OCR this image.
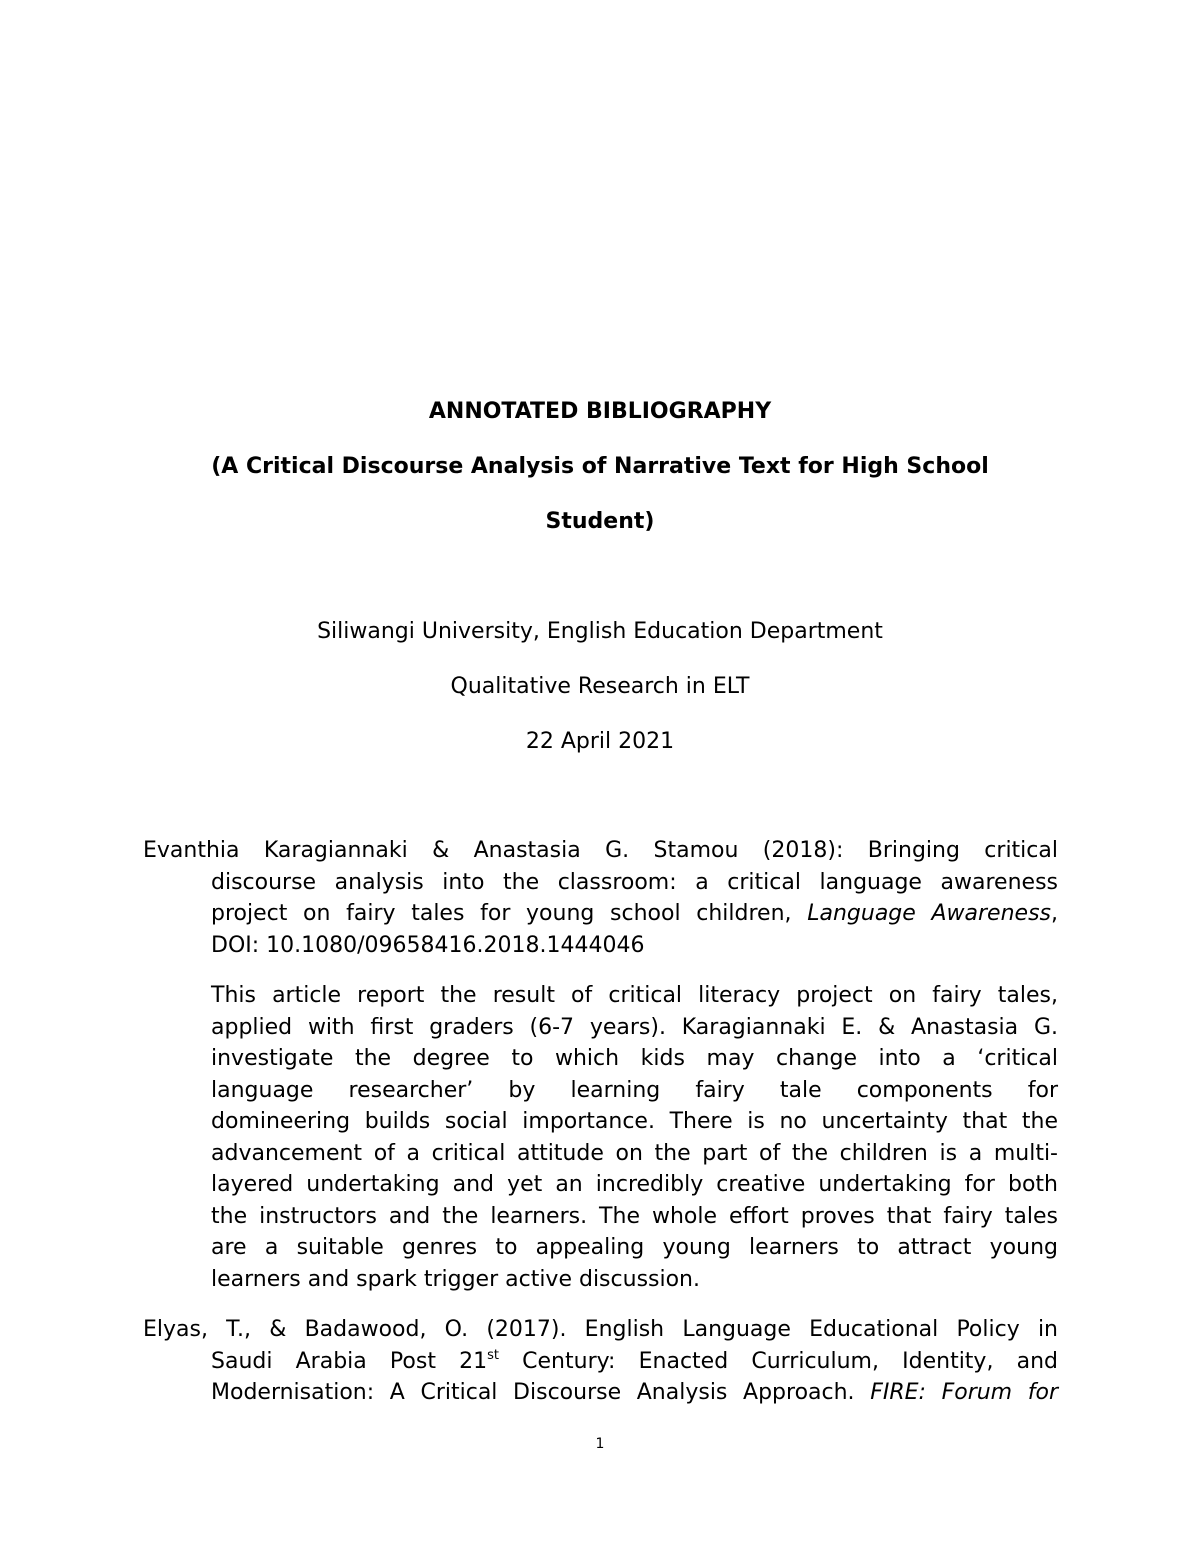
ANNOTATED BIBLIOGRAPHY

(A Critical Discourse Analysis of Narrative Text for High School

Student)

Siliwangi University, English Education Department

Qualitative Research in ELT

22 April 2021

Evanthia Karagiannaki & Anastasia G. Stamou (2018): Bringing critical
discourse analysis into the classroom: a critical language awareness
project on fairy tales for young school children, Language Awareness,
DOI: 10.1080/09658416.2018.1444046
This article report the result of critical literacy project on fairy tales,
applied with first graders (6-7 years). Karagiannaki E. & Anastasia G.
investigate the degree to which kids may change into a ‘critical
language researcher’ by learning fairy tale components for
domineering builds social importance. There is no uncertainty that the
advancement of a critical attitude on the part of the children is a multi-
layered undertaking and yet an incredibly creative undertaking for both
the instructors and the learners. The whole effort proves that fairy tales
are a suitable genres to appealing young learners to attract young
learners and spark trigger active discussion.
Elyas, T., & Badawood, O. (2017). English Language Educational Policy in
Saudi Arabia Post 21st Century: Enacted Curriculum, Identity, and
Modernisation: A Critical Discourse Analysis Approach. FIRE: Forum for
1
